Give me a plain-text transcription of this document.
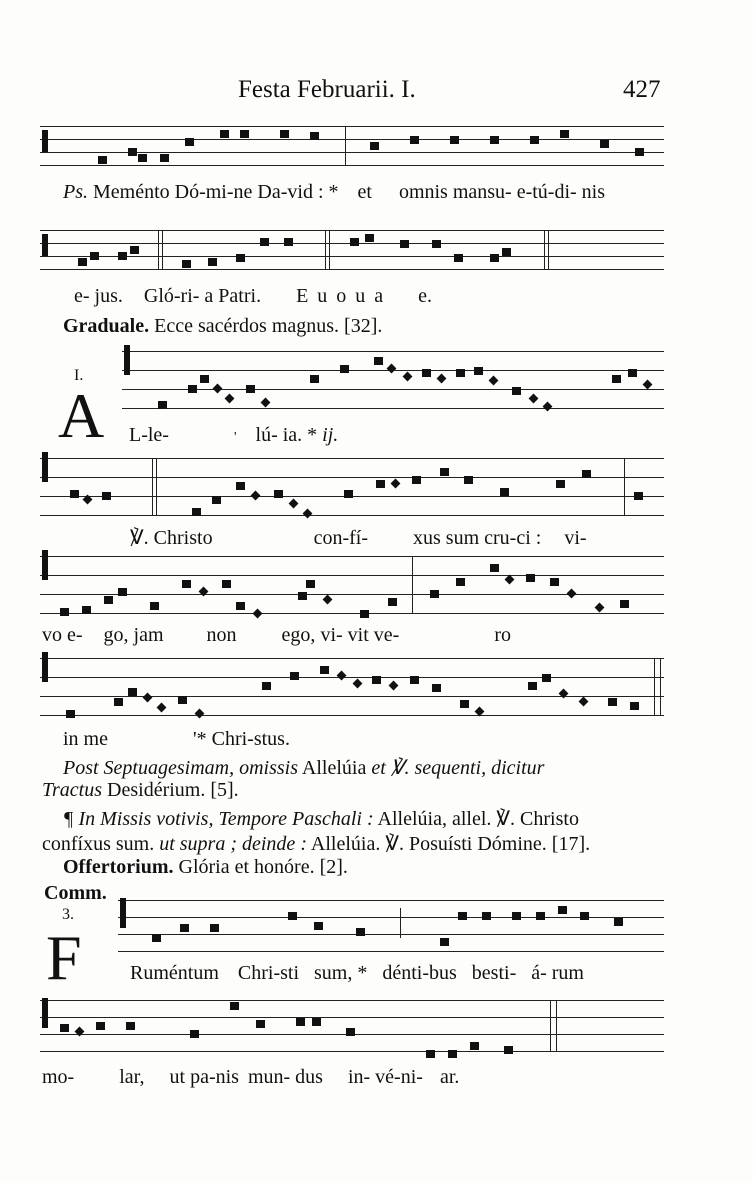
Festa Februarii. I.	427
Ps. Meménto Dó-mi-ne Da-vid : * et omnis mansu- e-tú-di- nis
e- jus. Gló-ri- a Patri. E u o u a e.
Graduale. Ecce sacérdos magnus. [32].
I.
A L-le-	' lú- ia. * ij.
℣. Christo	con-fí- xus sum cru-ci : vi-
vo e- go, jam non ego, vi- vit ve-	ro
in me	'* Chri-stus.
Post Septuagesimam, omissis Allelúia et ℣. sequenti, dicitur
Tractus Desidérium. [5].
¶ In Missis votivis, Tempore Paschali : Allelúia, allel. ℣. Christo
confíxus sum. ut supra ; deinde : Allelúia. ℣. Posuísti Dómine. [17].
Offertorium. Glória et honóre. [2].
Comm.
3.
F Ruméntum Chri-sti sum, * dénti-bus besti- á- rum
mo- lar, ut pa-nis mun- dus in- vé-ni- ar.
